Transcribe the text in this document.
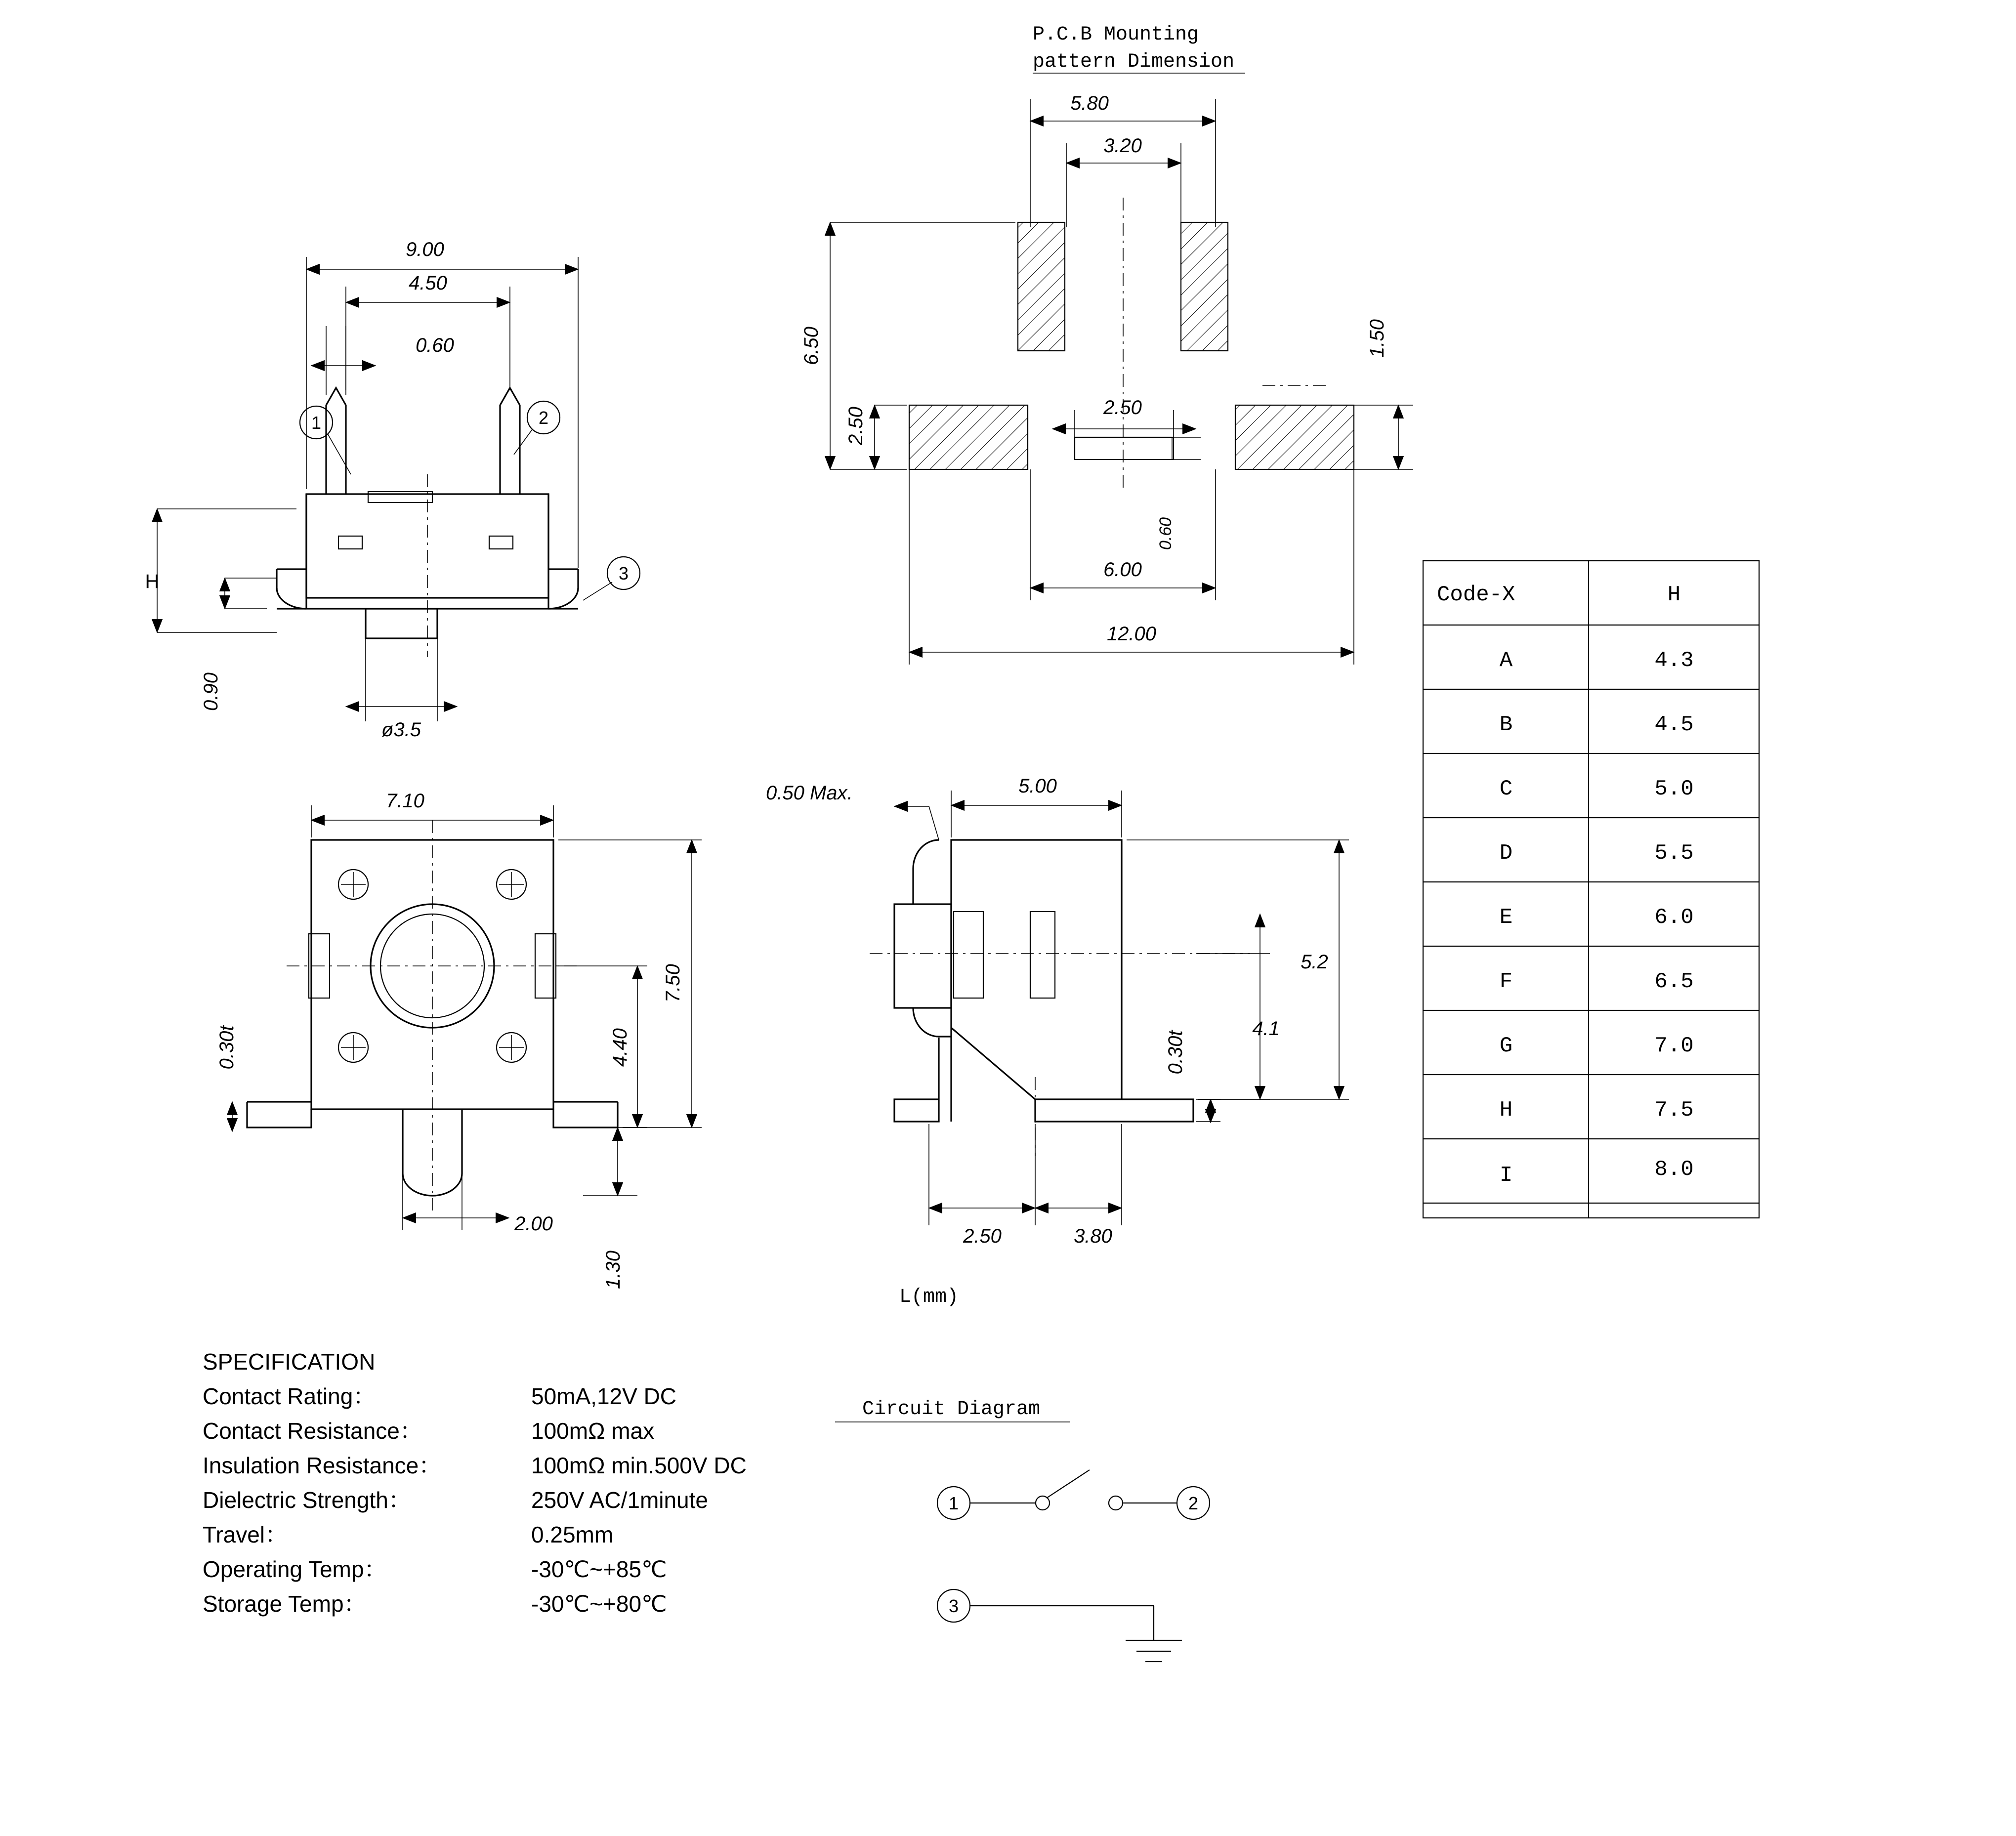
P.C.B Mounting
pattern Dimension
5.80
3.20
6.50
2.50	2.50
0.60
1.50
6.00
12.00
9.00
4.50
0.60
1	2
3
H
0.90
ø3.5
7.10
7.50
4.40
0.30t
2.00
1.30
5.00
0.50 Max.
5.2
4.1
0.30t
2.50	3.80
L(mm)
Code-X	H
A	4.3
B	4.5
C	5.0
D	5.5
E	6.0
F	6.5
G	7.0
H	7.5
I	8.0
SPECIFICATION
Contact Rating：	50mA,12V DC
Contact Resistance：	100mΩ max
Insulation Resistance：	100mΩ min.500V DC
Dielectric Strength：	250V AC/1minute
Travel：	0.25mm
Operating Temp：	-30℃~+85℃
Storage Temp：	-30℃~+80℃
Circuit Diagram
1	2
3
